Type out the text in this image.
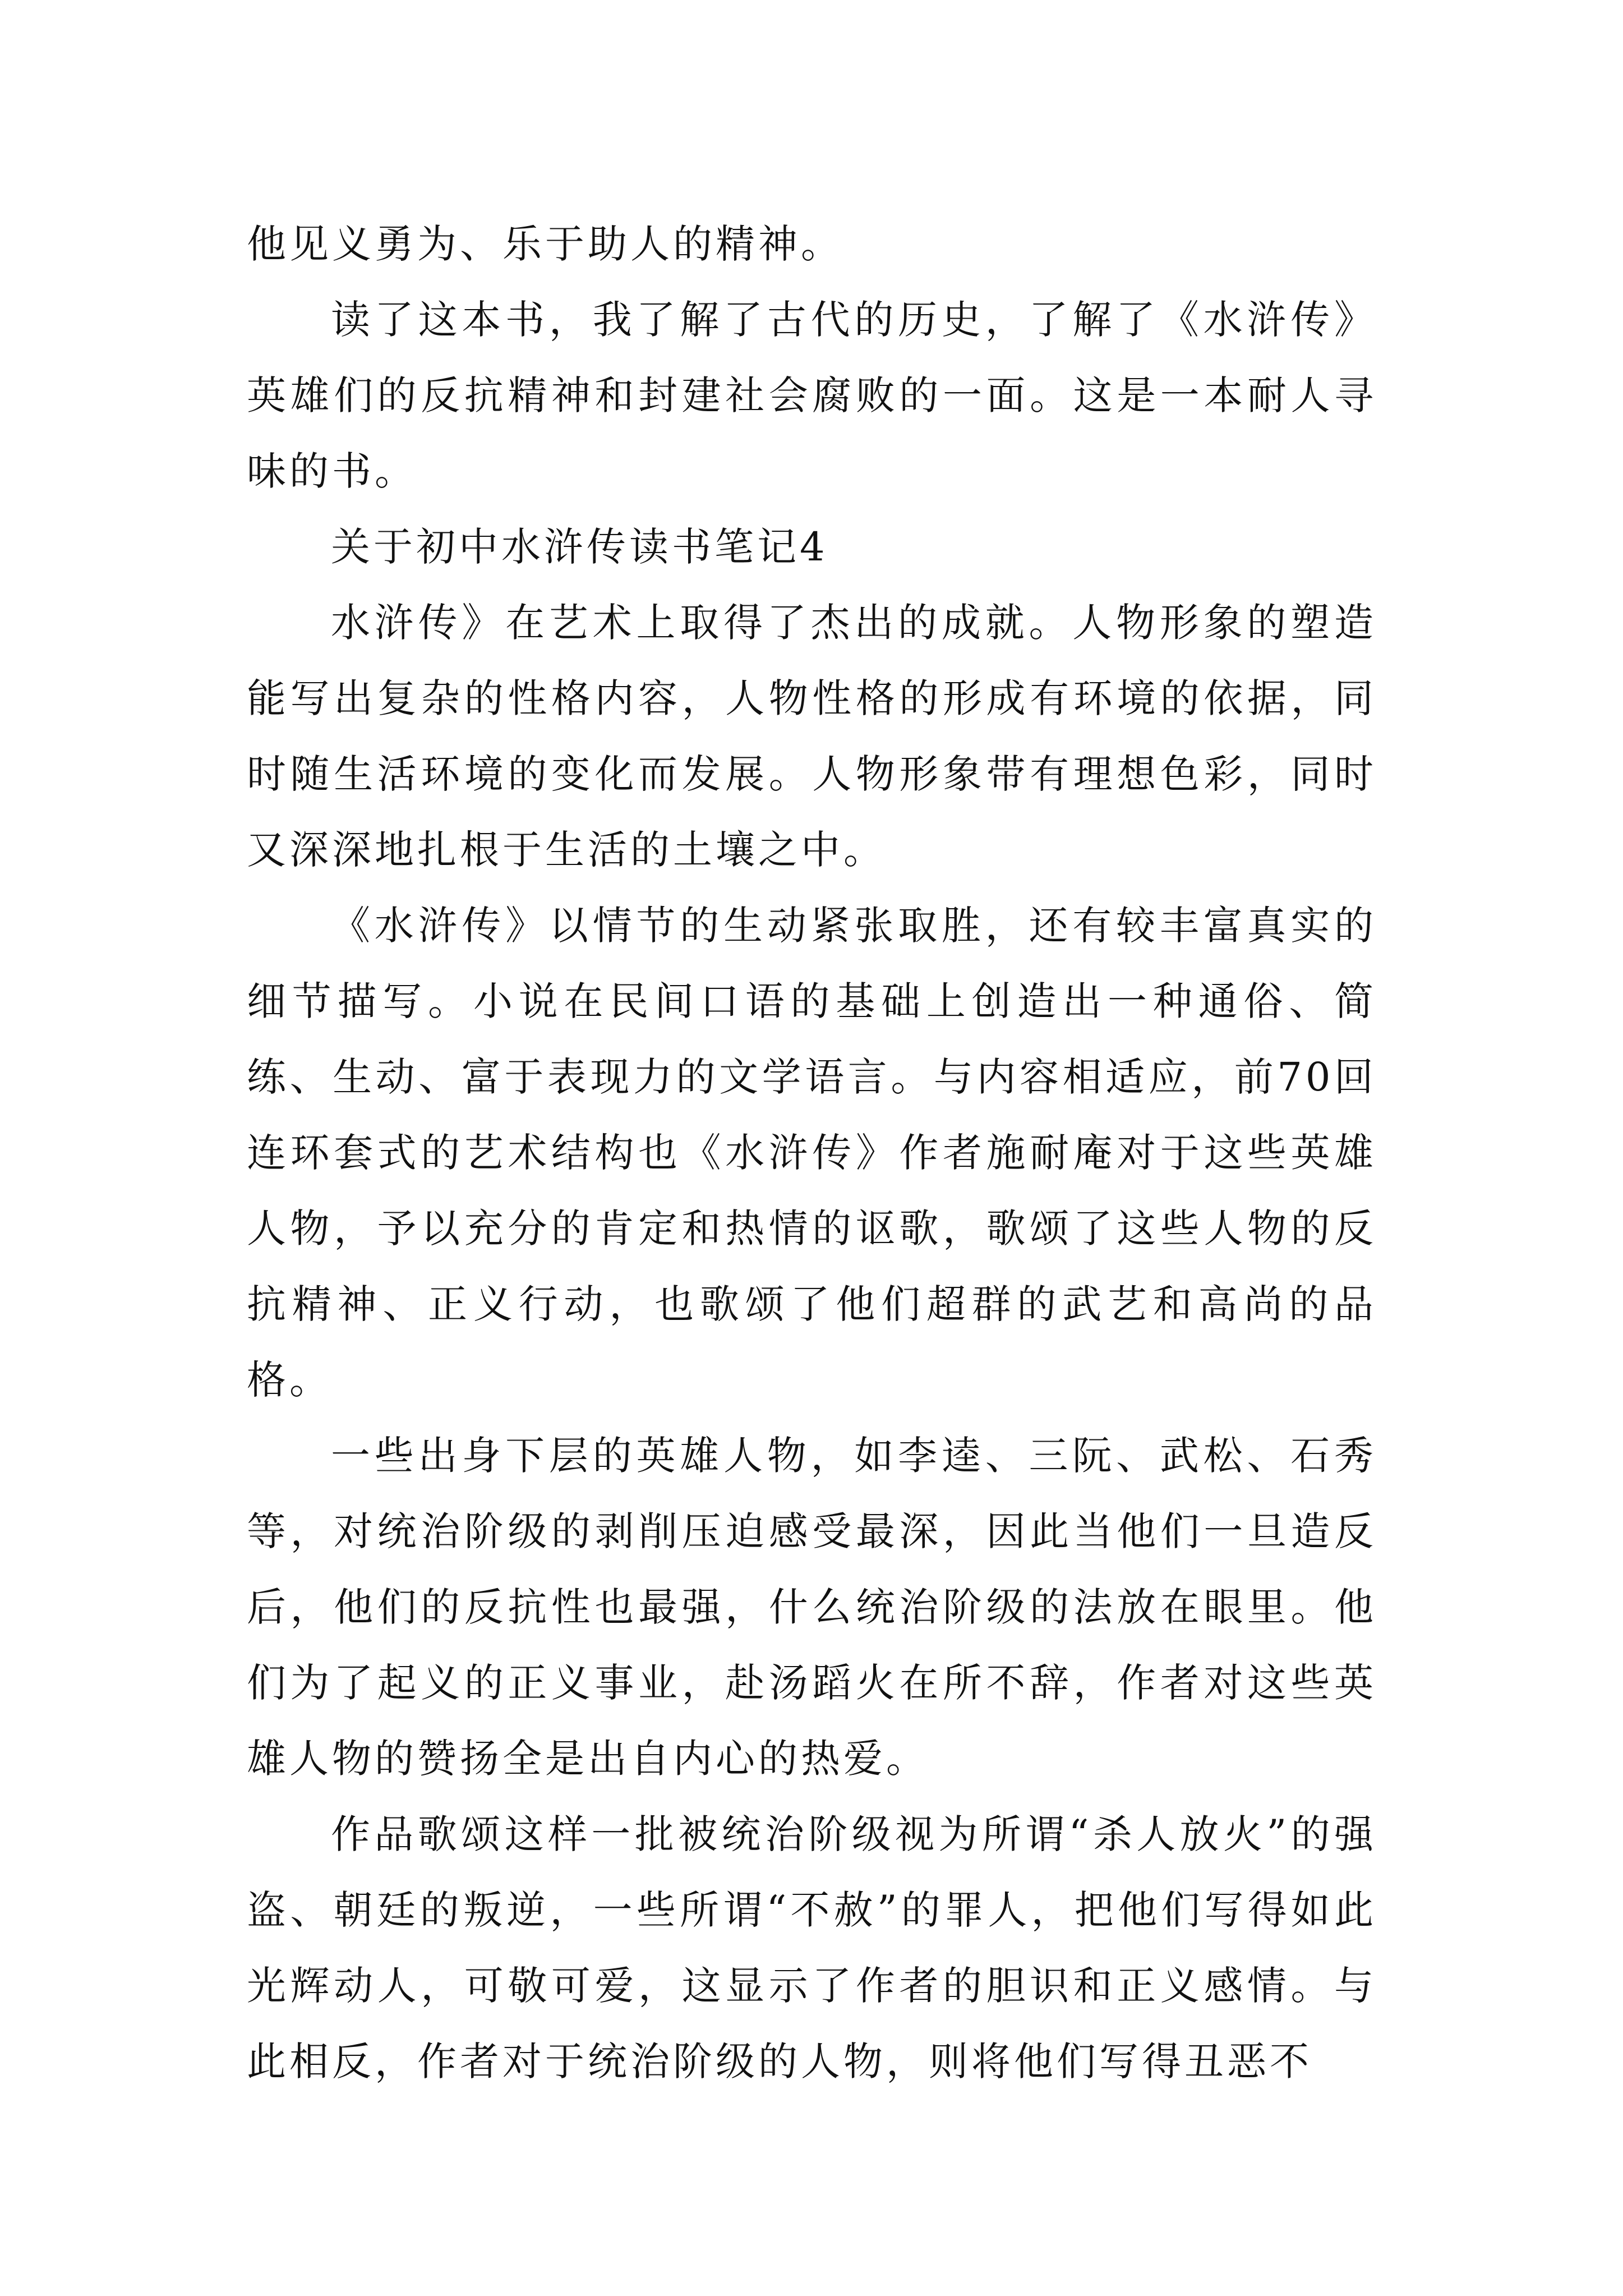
他见义勇为、乐于助人的精神。

读了这本书，我了解了古代的历史，了解了《水浒传》英雄们的反抗精神和封建社会腐败的一面。这是一本耐人寻味的书。

关于初中水浒传读书笔记4

水浒传》在艺术上取得了杰出的成就。人物形象的塑造能写出复杂的性格内容，人物性格的形成有环境的依据，同时随生活环境的变化而发展。人物形象带有理想色彩，同时又深深地扎根于生活的土壤之中。

《水浒传》以情节的生动紧张取胜，还有较丰富真实的细节描写。小说在民间口语的基础上创造出一种通俗、简练、生动、富于表现力的文学语言。与内容相适应，前70回连环套式的艺术结构也《水浒传》作者施耐庵对于这些英雄人物，予以充分的肯定和热情的讴歌，歌颂了这些人物的反抗精神、正义行动，也歌颂了他们超群的武艺和高尚的品格。

一些出身下层的英雄人物，如李逵、三阮、武松、石秀等，对统治阶级的剥削压迫感受最深，因此当他们一旦造反后，他们的反抗性也最强，什么统治阶级的法放在眼里。他们为了起义的正义事业，赴汤蹈火在所不辞，作者对这些英雄人物的赞扬全是出自内心的热爱。

作品歌颂这样一批被统治阶级视为所谓“杀人放火”的强盗、朝廷的叛逆，一些所谓“不赦”的罪人，把他们写得如此光辉动人，可敬可爱，这显示了作者的胆识和正义感情。与此相反，作者对于统治阶级的人物，则将他们写得丑恶不
